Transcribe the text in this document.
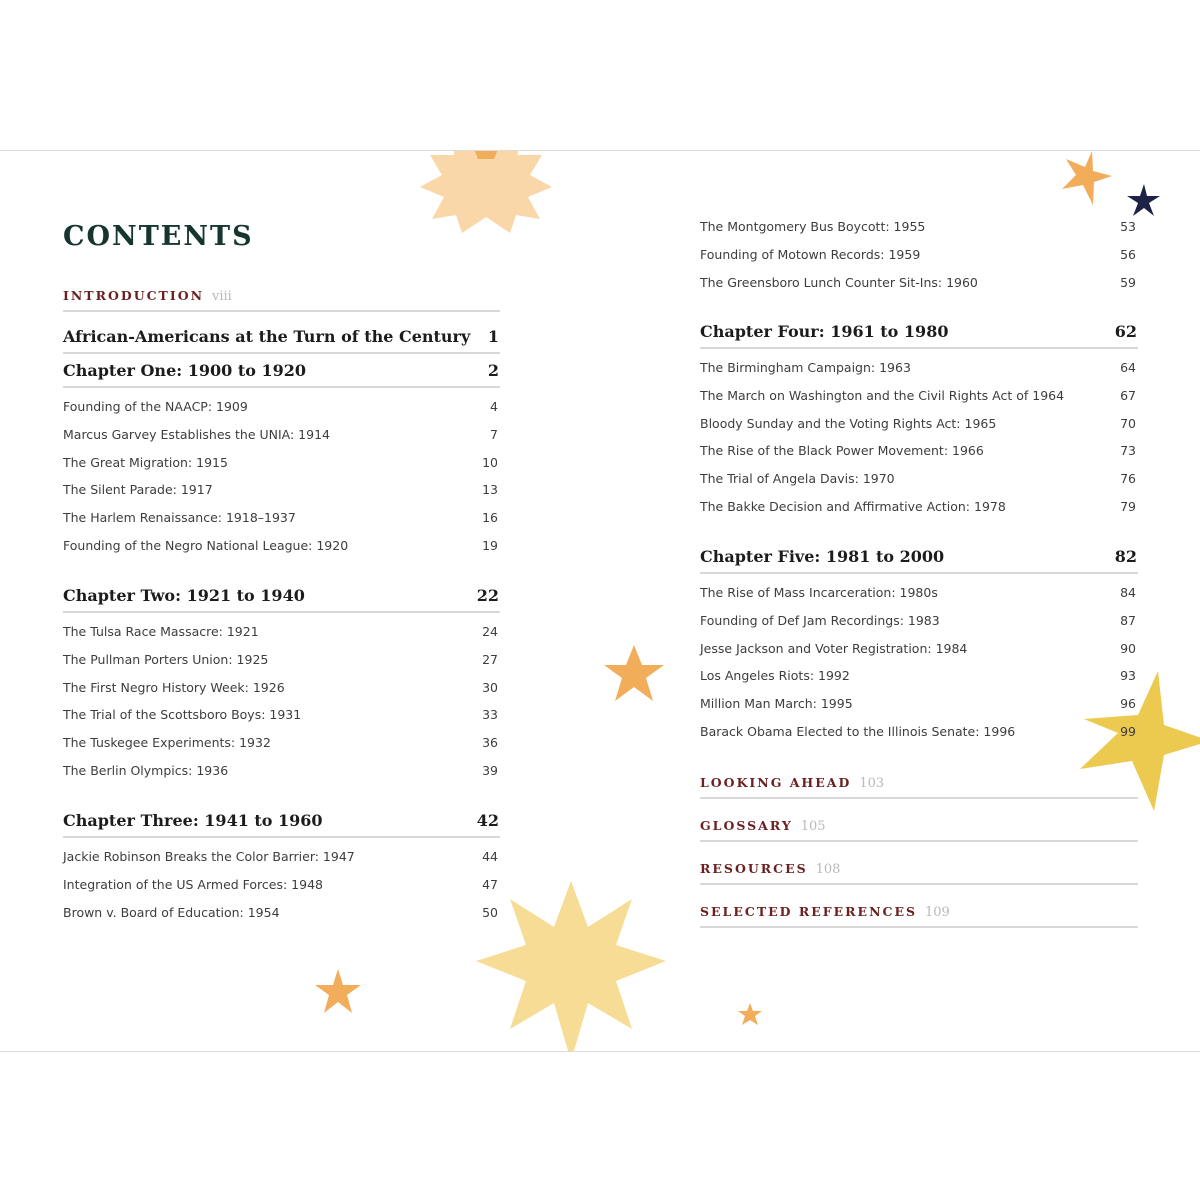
CONTENTS
INTRODUCTION viii
African-Americans at the Turn of the Century 1
Chapter One: 1900 to 1920	2
Founding of the NAACP: 1909	4
Marcus Garvey Establishes the UNIA: 1914	7
The Great Migration: 1915	10
The Silent Parade: 1917	13
The Harlem Renaissance: 1918–1937	16
Founding of the Negro National League: 1920	19
Chapter Two: 1921 to 1940	22
The Tulsa Race Massacre: 1921	24
The Pullman Porters Union: 1925	27
The First Negro History Week: 1926	30
The Trial of the Scottsboro Boys: 1931	33
The Tuskegee Experiments: 1932	36
The Berlin Olympics: 1936	39
Chapter Three: 1941 to 1960	42
Jackie Robinson Breaks the Color Barrier: 1947	44
Integration of the US Armed Forces: 1948	47
Brown v. Board of Education: 1954	50
The Montgomery Bus Boycott: 1955	53
Founding of Motown Records: 1959	56
The Greensboro Lunch Counter Sit-Ins: 1960	59
Chapter Four: 1961 to 1980	62
The Birmingham Campaign: 1963	64
The March on Washington and the Civil Rights Act of 1964	67
Bloody Sunday and the Voting Rights Act: 1965	70
The Rise of the Black Power Movement: 1966	73
The Trial of Angela Davis: 1970	76
The Bakke Decision and Affirmative Action: 1978	79
Chapter Five: 1981 to 2000	82
The Rise of Mass Incarceration: 1980s	84
Founding of Def Jam Recordings: 1983	87
Jesse Jackson and Voter Registration: 1984	90
Los Angeles Riots: 1992	93
Million Man March: 1995	96
Barack Obama Elected to the Illinois Senate: 1996	99
LOOKING AHEAD 103
GLOSSARY 105
RESOURCES 108
SELECTED REFERENCES 109
